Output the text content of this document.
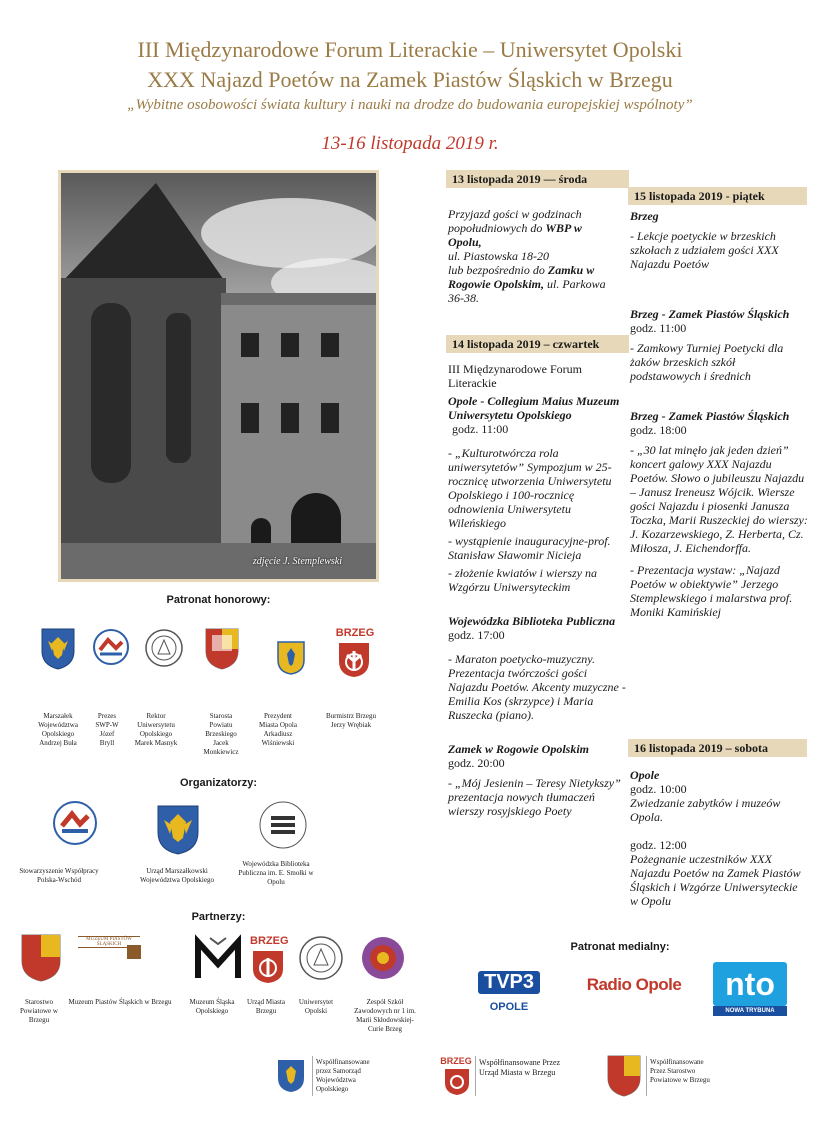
III Międzynarodowe Forum Literackie – Uniwersytet Opolski
XXX Najazd Poetów na Zamek Piastów Śląskich w Brzegu
„Wybitne osobowości świata kultury i nauki na drodze do budowania europejskiej wspólnoty”
13-16 listopada 2019 r.
zdjęcie J. Stemplewski
13 listopada 2019 — środa
Przyjazd gości w godzinach popołudniowych do WBP w Opolu,
ul. Piastowska 18-20
lub bezpośrednio do Zamku w Rogowie Opolskim, ul. Parkowa 36-38.
14 listopada 2019 – czwartek

III Międzynarodowe Forum Literackie

Opole - Collegium Maius Muzeum Uniwersytetu Opolskiego

godz. 11:00

- „Kulturotwórcza rola uniwersytetów” Sympozjum w 25-rocznicę utworzenia Uniwersytetu Opolskiego i 100-rocznicę odnowienia Uniwersytetu Wileńskiego

- wystąpienie inauguracyjne-prof. Stanisław Sławomir Nicieja

- złożenie kwiatów i wierszy na Wzgórzu Uniwersyteckim

Wojewódzka Biblioteka Publiczna

godz. 17:00

- Maraton poetycko-muzyczny. Prezentacja twórczości gości Najazdu Poetów. Akcenty muzyczne - Emilia Kos (skrzypce) i Maria Ruszecka (piano).

Zamek w Rogowie Opolskim

godz. 20:00

- „Mój Jesienin – Teresy Nietykszy” prezentacja nowych tłumaczeń wierszy rosyjskiego Poety

15 listopada 2019 - piątek

Brzeg

- Lekcje poetyckie w brzeskich szkołach z udziałem gości XXX Najazdu Poetów

Brzeg - Zamek Piastów Śląskich

godz. 11:00

- Zamkowy Turniej Poetycki dla żaków brzeskich szkół podstawowych i średnich

Brzeg - Zamek Piastów Śląskich

godz. 18:00

- „30 lat minęło jak jeden dzień” koncert galowy XXX Najazdu Poetów. Słowo o jubileuszu Najazdu – Janusz Ireneusz Wójcik. Wiersze gości Najazdu i piosenki Janusza Toczka, Marii Ruszeckiej do wierszy: J. Kozarzewskiego, Z. Herberta, Cz. Miłosza, J. Eichendorffa.

- Prezentacja wystaw: „Najazd Poetów w obiektywie” Jerzego Stemplewskiego i malarstwa prof. Moniki Kamińskiej

16 listopada 2019 – sobota

Opole

godz. 10:00

Zwiedzanie zabytków i muzeów Opola.

godz. 12:00

Pożegnanie uczestników XXX Najazdu Poetów na Zamek Piastów Śląskich i Wzgórze Uniwersyteckie w Opolu

Patronat honorowy:
BRZEG
Marszałek Województwa Opolskiego Andrzej Buła
Prezes SWP-W Józef Bryll
Rektor Uniwersytetu Opolskiego Marek Masnyk
Starosta Powiatu Brzeskiego Jacek Monkiewicz
Prezydent Miasta Opola Arkadiusz Wiśniewski
Burmistrz Brzegu Jerzy Wrębiak
Organizatorzy:
Stowarzyszenie Współpracy Polska-Wschód
Urząd Marszałkowski Województwa Opolskiego
Wojewódzka Biblioteka Publiczna im. E. Smołki w Opolu
Partnerzy:
MUZEUM PIASTÓW ŚLĄSKICH	BRZEG
Starostwo Powiatowe w Brzegu
Muzeum Piastów Śląskich w Brzegu	Muzeum Śląska Opolskiego
Urząd Miasta Brzegu
Uniwersytet Opolski
Zespół Szkół Zawodowych nr 1 im. Marii Skłodowskiej-Curie Brzeg
Patronat medialny:
TVP3
OPOLE
Radio Opole	nto
NOWA TRYBUNA OPOLSKA
Współfinansowane przez Samorząd Województwa Opolskiego
BRZEG Współfinansowane Przez Urząd Miasta w Brzegu
Współfinansowane Przez Starostwo Powiatowe w Brzegu
